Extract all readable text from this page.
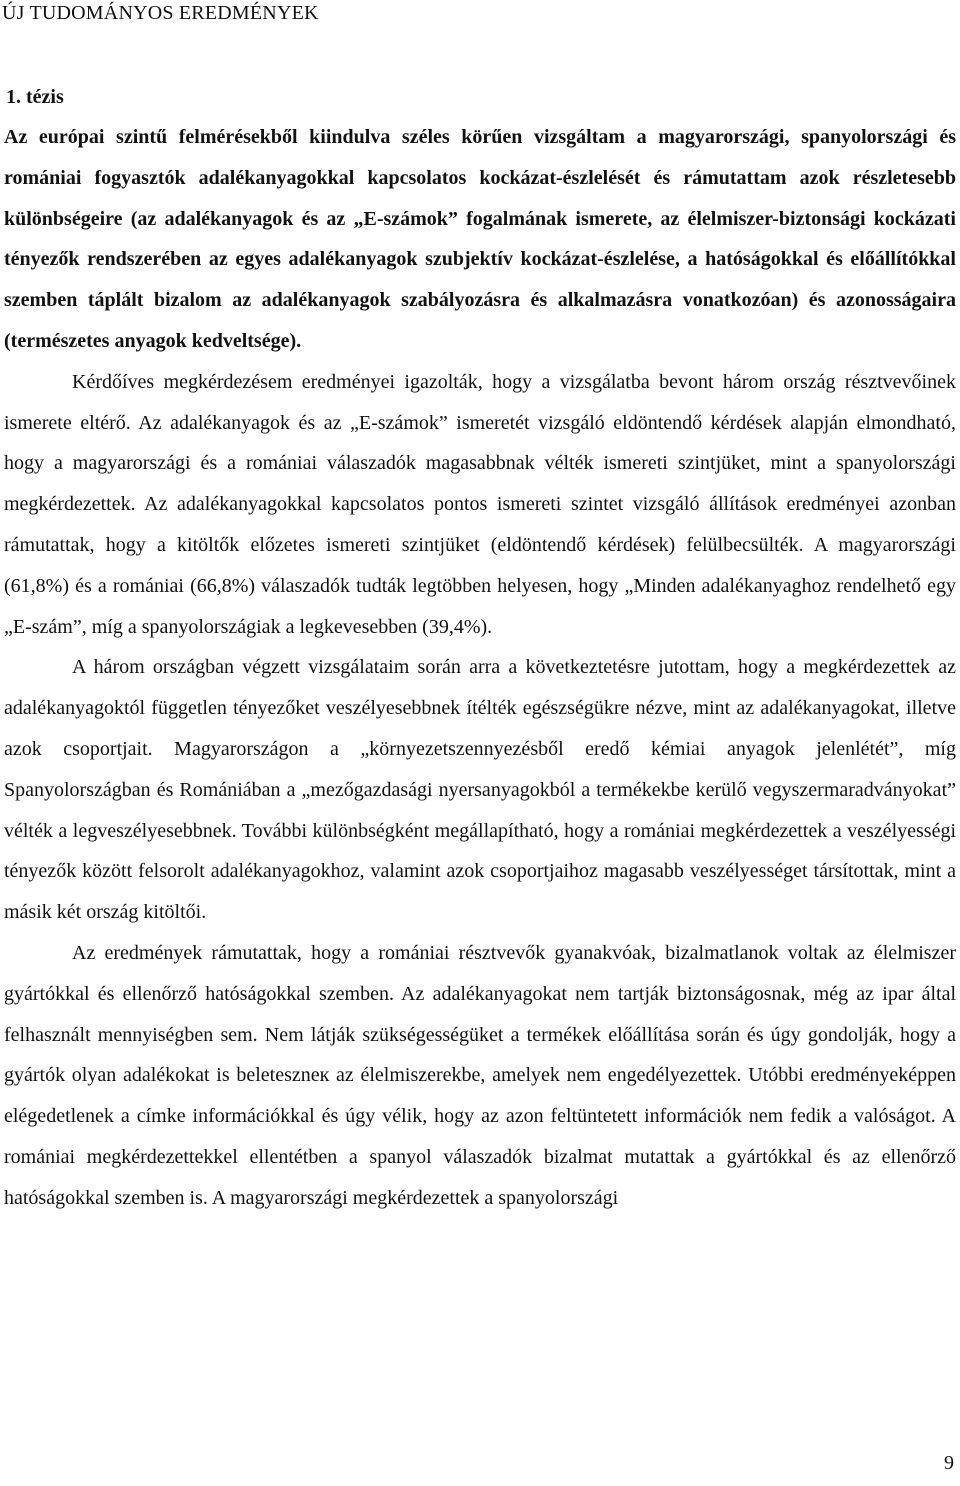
ÚJ TUDOMÁNYOS EREDMÉNYEK
1. tézis

Az európai szintű felmérésekből kiindulva széles körűen vizsgáltam a magyarországi, spanyolországi és romániai fogyasztók adalékanyagokkal kapcsolatos kockázat-észlelését és rámutattam azok részletesebb különbségeire (az adalékanyagok és az „E-számok” fogalmának ismerete, az élelmiszer-biztonsági kockázati tényezők rendszerében az egyes adalékanyagok szubjektív kockázat-észlelése, a hatóságokkal és előállítókkal szemben táplált bizalom az adalékanyagok szabályozásra és alkalmazásra vonatkozóan) és azonosságaira (természetes anyagok kedveltsége).

Kérdőíves megkérdezésem eredményei igazolták, hogy a vizsgálatba bevont három ország résztvevőinek ismerete eltérő. Az adalékanyagok és az „E-számok” ismeretét vizsgáló eldöntendő kérdések alapján elmondható, hogy a magyarországi és a romániai válaszadók magasabbnak vélték ismereti szintjüket, mint a spanyolországi megkérdezettek. Az adalékanyagokkal kapcsolatos pontos ismereti szintet vizsgáló állítások eredményei azonban rámutattak, hogy a kitöltők előzetes ismereti szintjüket (eldöntendő kérdések) felülbecsülték. A magyarországi (61,8%) és a romániai (66,8%) válaszadók tudták legtöbben helyesen, hogy „Minden adalékanyaghoz rendelhető egy „E-szám”, míg a spanyolországiak a legkevesebben (39,4%).

A három országban végzett vizsgálataim során arra a következtetésre jutottam, hogy a megkérdezettek az adalékanyagoktól független tényezőket veszélyesebbnek ítélték egészségükre nézve, mint az adalékanyagokat, illetve azok csoportjait. Magyarországon a „környezetszennyezésből eredő kémiai anyagok jelenlétét”, míg Spanyolországban és Romániában a „mezőgazdasági nyersanyagokból a termékekbe kerülő vegyszermaradványokat” vélték a legveszélyesebbnek. További különbségként megállapítható, hogy a romániai megkérdezettek a veszélyességi tényezők között felsorolt adalékanyagokhoz, valamint azok csoportjaihoz magasabb veszélyességet társítottak, mint a másik két ország kitöltői.

Az eredmények rámutattak, hogy a romániai résztvevők gyanakvóak, bizalmatlanok voltak az élelmiszer gyártókkal és ellenőrző hatóságokkal szemben. Az adalékanyagokat nem tartják biztonságosnak, még az ipar által felhasznált mennyiségben sem. Nem látják szükségességüket a termékek előállítása során és úgy gondolják, hogy a gyártók olyan adalékokat is beleteszneк az élelmiszerekbe, amelyek nem engedélyezettek. Utóbbi eredményeképpen elégedetlenek a címke információkkal és úgy vélik, hogy az azon feltüntetett információk nem fedik a valóságot. A romániai megkérdezettekkel ellentétben a spanyol válaszadók bizalmat mutattak a gyártókkal és az ellenőrző hatóságokkal szemben is. A magyarországi megkérdezettek a spanyolországi

9
